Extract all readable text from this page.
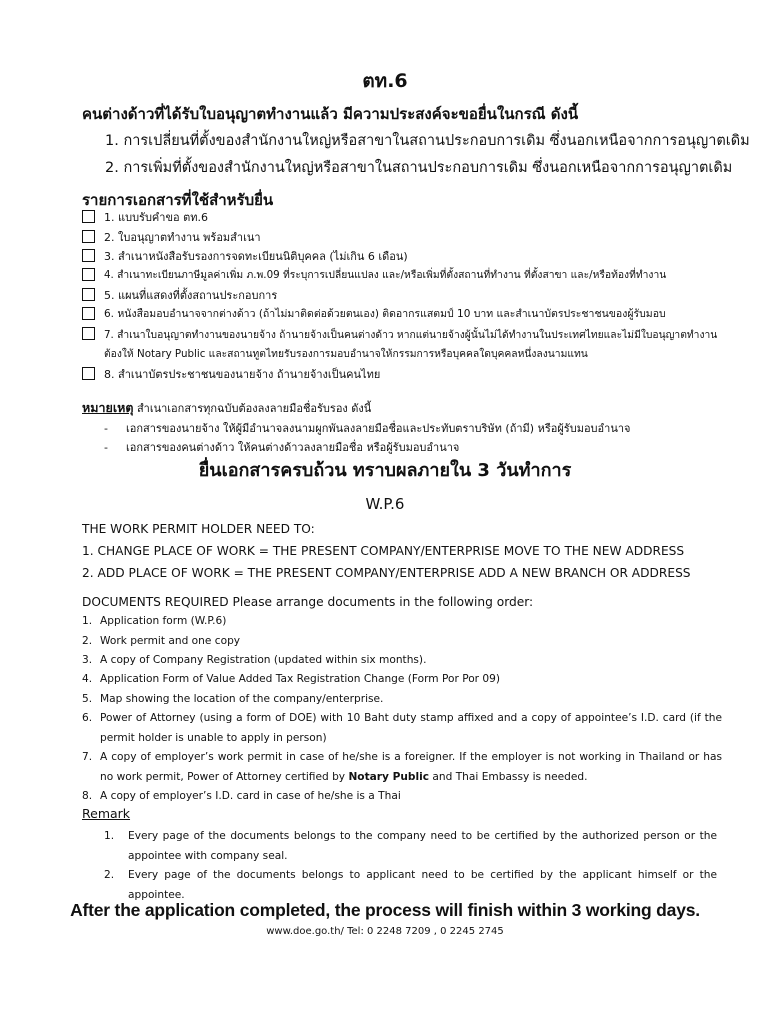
ตท.6
คนต่างด้าวที่ได้รับใบอนุญาตทำงานแล้ว มีความประสงค์จะขอยื่นในกรณี ดังนี้
1. การเปลี่ยนที่ตั้งของสำนักงานใหญ่หรือสาขาในสถานประกอบการเดิม ซึ่งนอกเหนือจากการอนุญาตเดิม
2. การเพิ่มที่ตั้งของสำนักงานใหญ่หรือสาขาในสถานประกอบการเดิม ซึ่งนอกเหนือจากการอนุญาตเดิม
รายการเอกสารที่ใช้สำหรับยื่น
1. แบบรับคำขอ ตท.6
2. ใบอนุญาตทำงาน พร้อมสำเนา
3. สำเนาหนังสือรับรองการจดทะเบียนนิติบุคคล (ไม่เกิน 6 เดือน)
4. สำเนาทะเบียนภาษีมูลค่าเพิ่ม ภ.พ.09 ที่ระบุการเปลี่ยนแปลง และ/หรือเพิ่มที่ตั้งสถานที่ทำงาน ที่ตั้งสาขา และ/หรือท้องที่ทำงาน
5. แผนที่แสดงที่ตั้งสถานประกอบการ
6. หนังสือมอบอำนาจจากต่างด้าว (ถ้าไม่มาติดต่อด้วยตนเอง) ติดอากรแสตมป์ 10 บาท และสำเนาบัตรประชาชนของผู้รับมอบ
7. สำเนาใบอนุญาตทำงานของนายจ้าง ถ้านายจ้างเป็นคนต่างด้าว หากแต่นายจ้างผู้นั้นไม่ได้ทำงานในประเทศไทยและไม่มีใบอนุญาตทำงาน ต้องให้ Notary Public และสถานทูตไทยรับรองการมอบอำนาจให้กรรมการหรือบุคคลใดบุคคลหนึ่งลงนามแทน
8. สำเนาบัตรประชาชนของนายจ้าง ถ้านายจ้างเป็นคนไทย
หมายเหตุ สำเนาเอกสารทุกฉบับต้องลงลายมือชื่อรับรอง ดังนี้
- เอกสารของนายจ้าง ให้ผู้มีอำนาจลงนามผูกพันลงลายมือชื่อและประทับตราบริษัท (ถ้ามี) หรือผู้รับมอบอำนาจ
- เอกสารของคนต่างด้าว ให้คนต่างด้าวลงลายมือชื่อ หรือผู้รับมอบอำนาจ
ยื่นเอกสารครบถ้วน ทราบผลภายใน 3 วันทำการ
W.P.6
THE WORK PERMIT HOLDER NEED TO:
1. CHANGE PLACE OF WORK = THE PRESENT COMPANY/ENTERPRISE MOVE TO THE NEW ADDRESS
2. ADD PLACE OF WORK = THE PRESENT COMPANY/ENTERPRISE ADD A NEW BRANCH OR ADDRESS
DOCUMENTS REQUIRED Please arrange documents in the following order:
1. Application form (W.P.6)
2. Work permit and one copy
3. A copy of Company Registration (updated within six months).
4. Application Form of Value Added Tax Registration Change (Form Por Por 09)
5. Map showing the location of the company/enterprise.
6. Power of Attorney (using a form of DOE) with 10 Baht duty stamp affixed and a copy of appointee’s I.D. card (if the permit holder is unable to apply in person)
7. A copy of employer’s work permit in case of he/she is a foreigner. If the employer is not working in Thailand or has no work permit, Power of Attorney certified by Notary Public and Thai Embassy is needed.
8. A copy of employer’s I.D. card in case of he/she is a Thai
Remark
1.	Every page of the documents belongs to the company need to be certified by the authorized person or the appointee with company seal.
2.	Every page of the documents belongs to applicant need to be certified by the applicant himself or the appointee.
After the application completed, the process will finish within 3 working days.
www.doe.go.th/ Tel: 0 2248 7209 , 0 2245 2745
